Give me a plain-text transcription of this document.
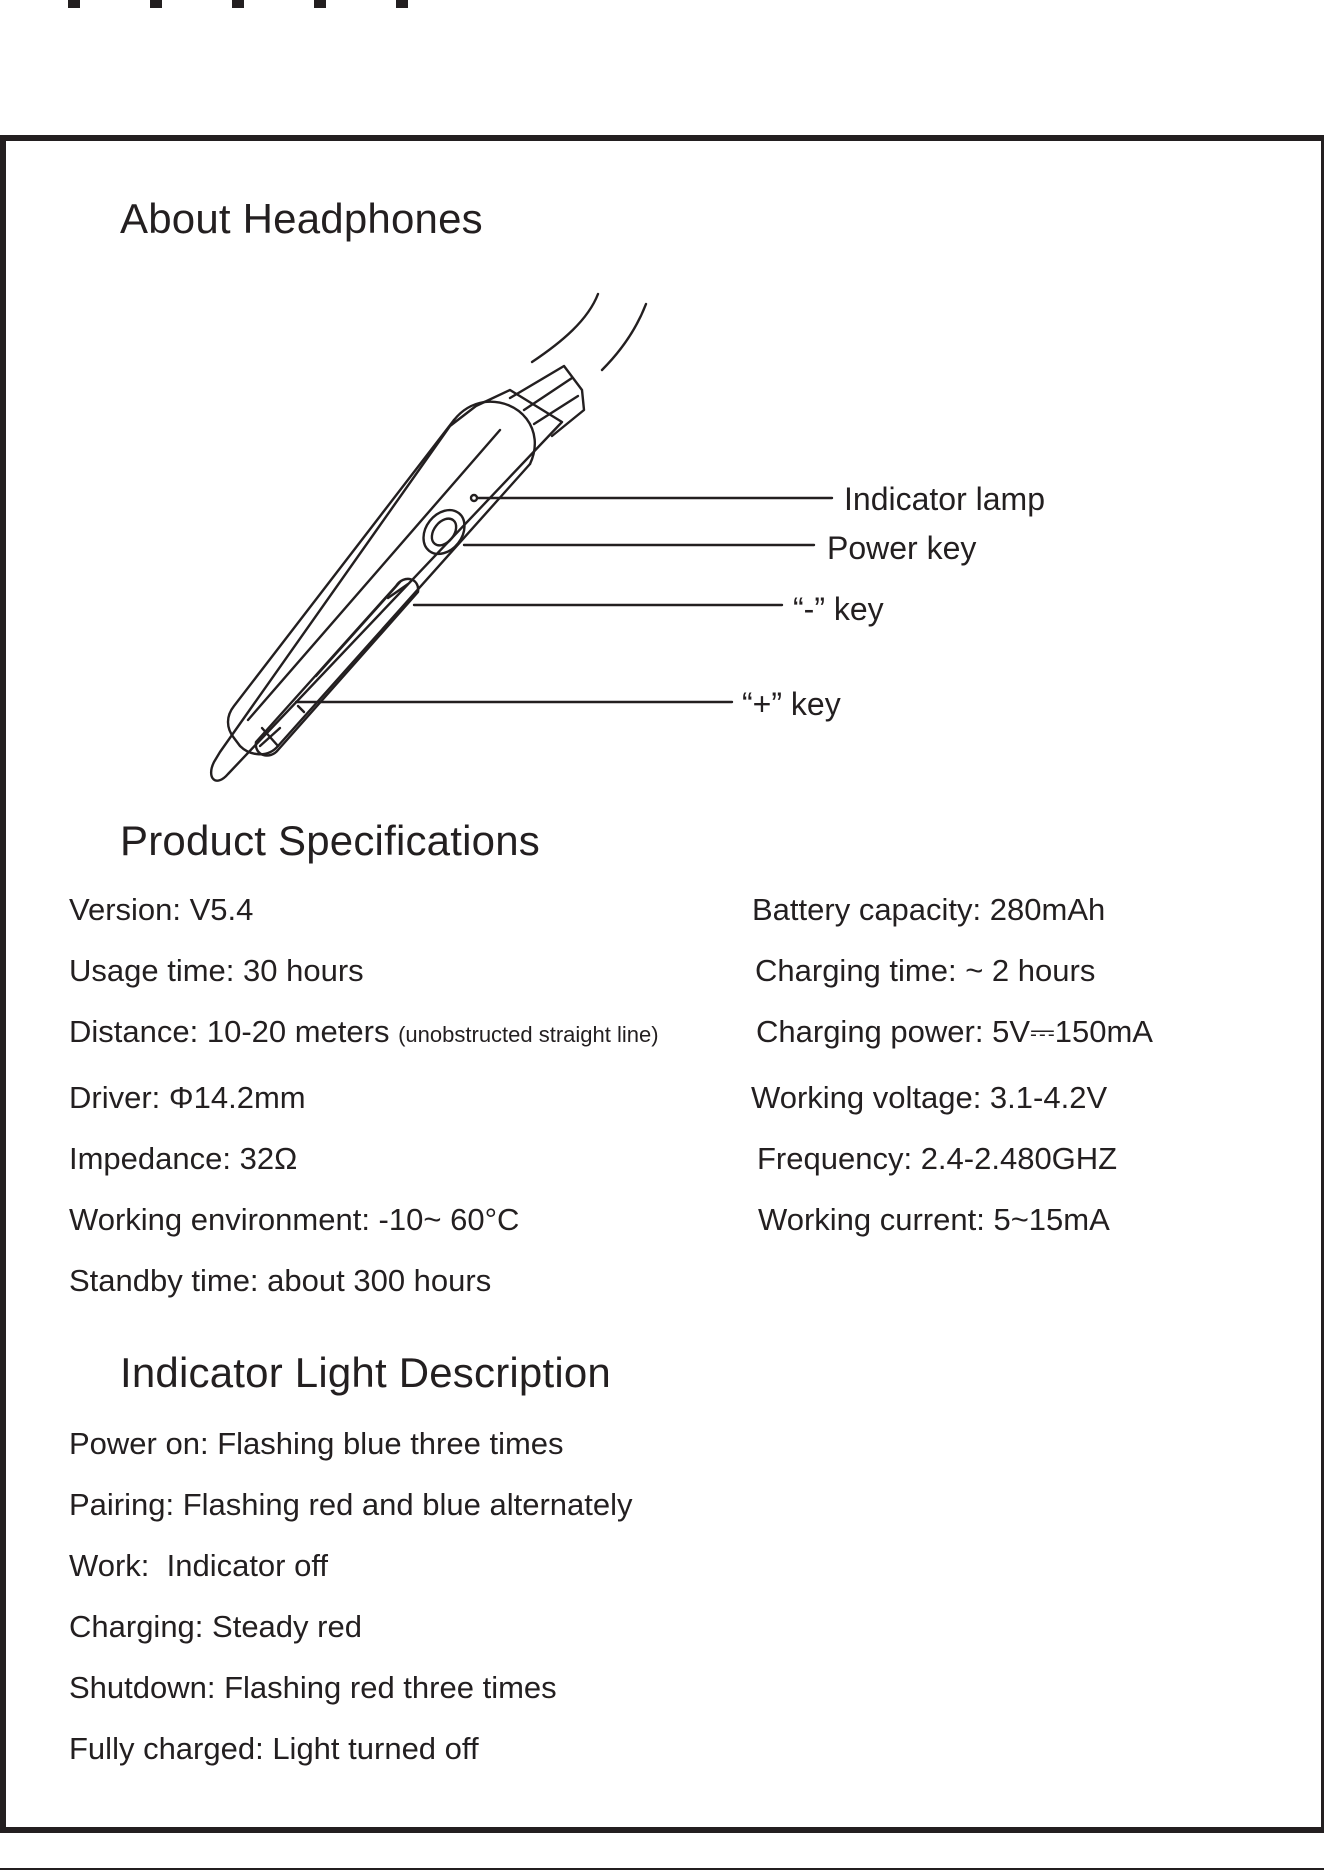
About Headphones
Indicator lamp
Power key
“-” key
“+” key
Product Specifications
Version: V5.4
Usage time: 30 hours
Distance: 10-20 meters (unobstructed straight line)
Driver: Φ14.2mm
Impedance: 32Ω
Working environment: -10~ 60°C
Standby time: about 300 hours
Battery capacity: 280mAh
Charging time: ~ 2 hours
Charging power: 5V⎓150mA
Working voltage: 3.1-4.2V
Frequency: 2.4-2.480GHZ
Working current: 5~15mA
Indicator Light Description
Power on: Flashing blue three times
Pairing: Flashing red and blue alternately
Work:  Indicator off
Charging: Steady red
Shutdown: Flashing red three times
Fully charged: Light turned off
